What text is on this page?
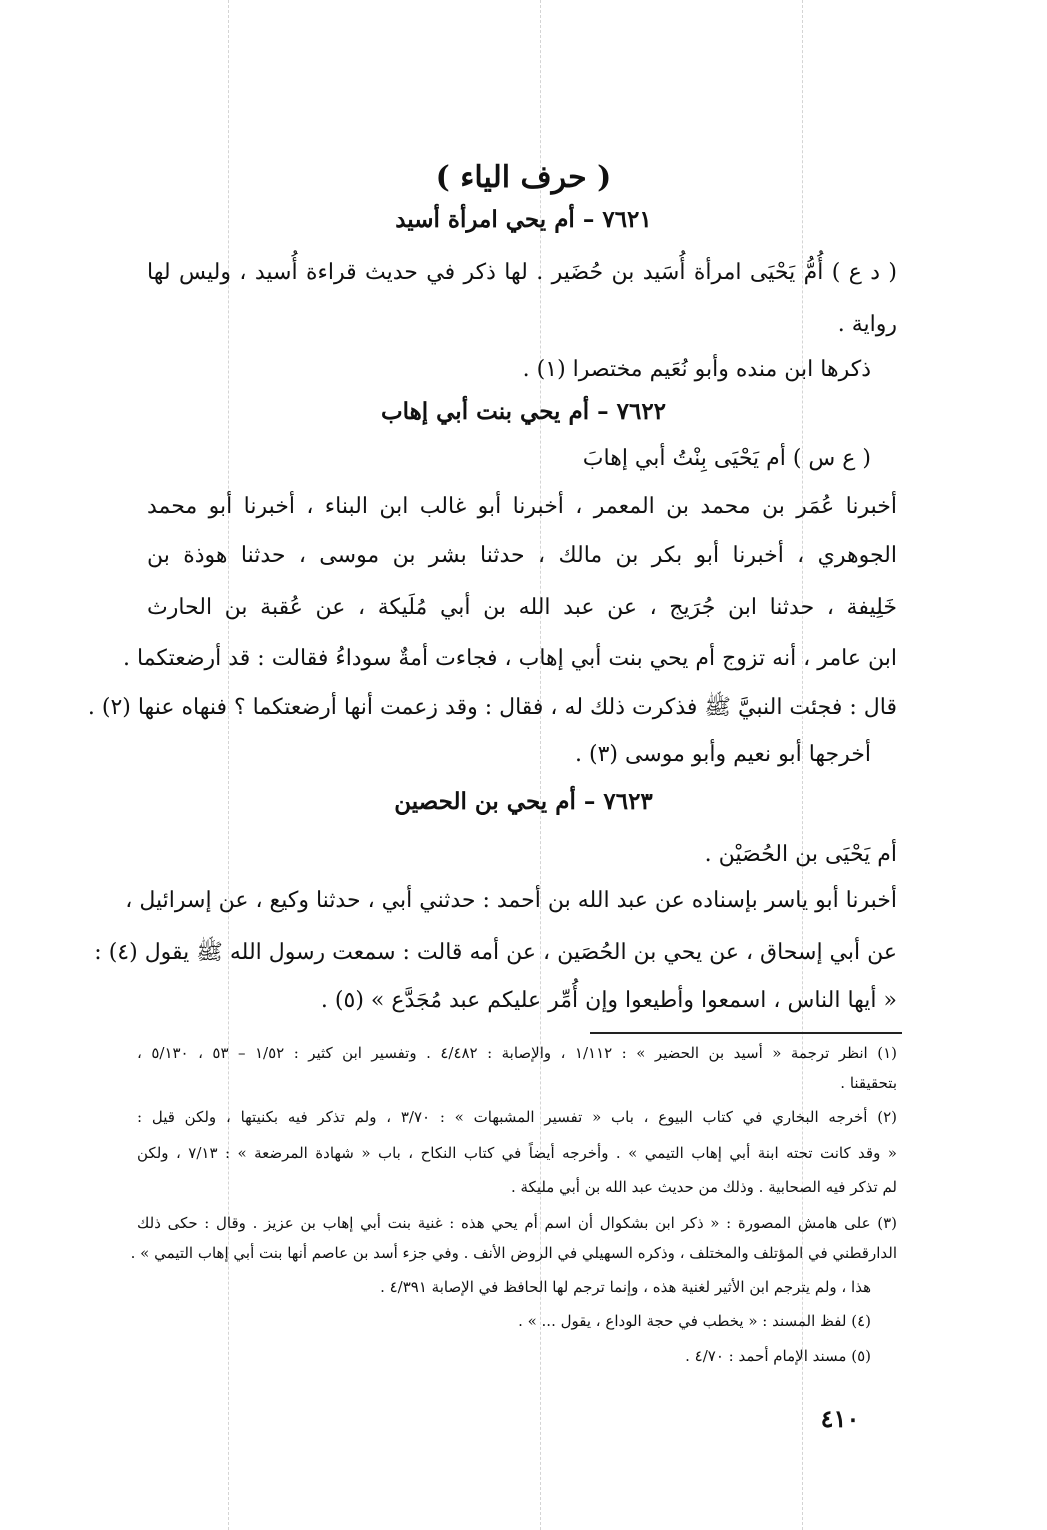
( حرف الياء )
٧٦٢١ – أم يحي امرأة أسيد
( د ع ) أُمُّ يَحْيَى امرأة أُسَيد بن حُضَير . لها ذكر في حديث قراءة أُسيد ، وليس لها
رواية .
ذكرها ابن منده وأبو نُعَيم مختصرا (١) .
٧٦٢٢ – أم يحي بنت أبي إهاب
( ع س ) أم يَحْيَى بِنْتُ أبي إهابَ
أخبرنا عُمَر بن محمد بن المعمر ، أخبرنا أبو غالب ابن البناء ، أخبرنا أبو محمد
الجوهري ، أخبرنا أبو بكر بن مالك ، حدثنا بشر بن موسى ، حدثنا هوذة بن
خَلِيفة ، حدثنا ابن جُرَيج ، عن عبد الله بن أبي مُلَيكة ، عن عُقبة بن الحارث
ابن عامر ، أنه تزوج أم يحي بنت أبي إهاب ، فجاءت أمةٌ سوداءُ فقالت : قد أرضعتكما .
قال : فجئت النبيَّ ﷺ فذكرت ذلك له ، فقال : وقد زعمت أنها أرضعتكما ؟ فنهاه عنها (٢) .
أخرجها أبو نعيم وأبو موسى (٣) .
٧٦٢٣ – أم يحي بن الحصين
أم يَحْيَى بن الحُصَيْن .
أخبرنا أبو ياسر بإسناده عن عبد الله بن أحمد : حدثني أبي ، حدثنا وكيع ، عن إسرائيل ،
عن أبي إسحاق ، عن يحي بن الحُصَين ، عن أمه قالت : سمعت رسول الله ﷺ يقول (٤) :
« أيها الناس ، اسمعوا وأطيعوا وإن أُمِّر عليكم عبد مُجَدَّع » (٥) .
(١) انظر ترجمة « أسيد بن الحضير » : ١/١١٢ ، والإصابة : ٤/٤٨٢ . وتفسير ابن كثير : ١/٥٢ – ٥٣ ، ٥/١٣٠ ،
بتحقيقنا .
(٢) أخرجه البخاري في كتاب البيوع ، باب « تفسير المشبهات » : ٣/٧٠ ، ولم تذكر فيه بكنيتها ، ولكن قيل :
« وقد كانت تحته ابنة أبي إهاب التيمي » . وأخرجه أيضاً في كتاب النكاح ، باب « شهادة المرضعة » : ٧/١٣ ، ولكن
لم تذكر فيه الصحابية . وذلك من حديث عبد الله بن أبي مليكة .
(٣) على هامش المصورة : « ذكر ابن بشكوال أن اسم أم يحي هذه : غنية بنت أبي إهاب بن عزيز . وقال : حكى ذلك
الدارقطني في المؤتلف والمختلف ، وذكره السهيلي في الروض الأنف . وفي جزء أسد بن عاصم أنها بنت أبي إهاب التيمي » .
هذا ، ولم يترجم ابن الأثير لغنية هذه ، وإنما ترجم لها الحافظ في الإصابة ٤/٣٩١ .
(٤) لفظ المسند : « يخطب في حجة الوداع ، يقول ... » .
(٥) مسند الإمام أحمد : ٤/٧٠ .
٤١٠
